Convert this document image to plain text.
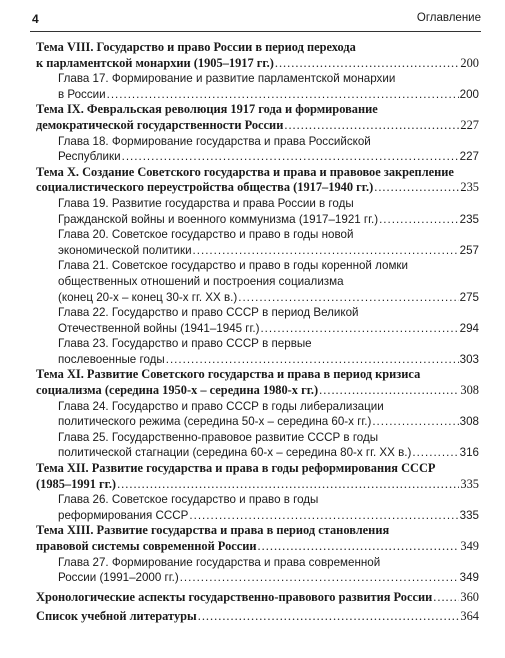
4	Оглавление
Тема VIII. Государство и право России в период перехода
к парламентской монархии (1905–1917 гг.) .....	200
Глава 17. Формирование и развитие парламентской монархии
в России .....	200
Тема IX. Февральская революция 1917 года и формирование
демократической государственности России .....	227
Глава 18. Формирование государства и права Российской
Республики .....	227
Тема X. Создание Советского государства и права и правовое закрепление
социалистического переустройства общества (1917–1940 гг.) .....	235
Глава 19. Развитие государства и права России в годы
Гражданской войны и военного коммунизма (1917–1921 гг.) .....	235
Глава 20. Советское государство и право в годы новой
экономической политики .....	257
Глава 21. Советское государство и право в годы коренной ломки
общественных отношений и построения социализма
(конец 20-х – конец 30-х гг. XX в.) .....	275
Глава 22. Государство и право СССР в период Великой
Отечественной войны (1941–1945 гг.) .....	294
Глава 23. Государство и право СССР в первые
послевоенные годы .....	303
Тема XI. Развитие Советского государства и права в период кризиса
социализма (середина 1950-х – середина 1980-х гг.) .....	308
Глава 24. Государство и право СССР в годы либерализации
политического режима (середина 50-х – середина 60-х гг.) .....	308
Глава 25. Государственно-правовое развитие СССР в годы
политической стагнации (середина 60-х – середина 80-х гг. XX в.) .....	316
Тема XII. Развитие государства и права в годы реформирования СССР
(1985–1991 гг.) .....	335
Глава 26. Советское государство и право в годы
реформирования СССР .....	335
Тема XIII. Развитие государства и права в период становления
правовой системы современной России .....	349
Глава 27. Формирование государства и права современной
России (1991–2000 гг.) .....	349
Хронологические аспекты государственно-правового развития России ..... 360
Список учебной литературы .....	364
